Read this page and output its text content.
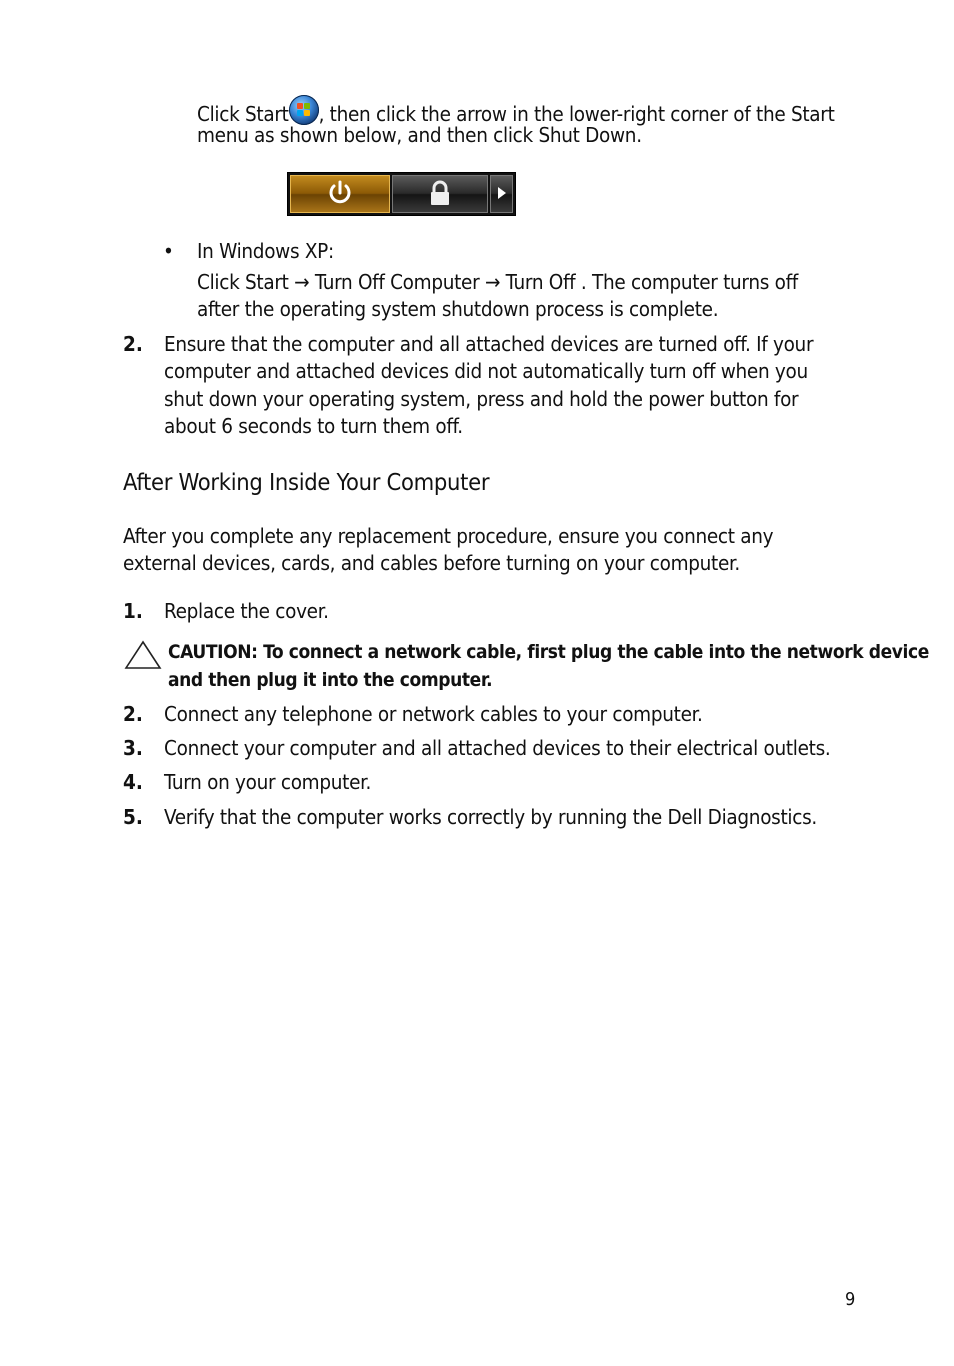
Click Start , then click the arrow in the lower-right corner of the Start
menu as shown below, and then click Shut Down.
• In Windows XP:
Click Start → Turn Off Computer → Turn Off . The computer turns off
after the operating system shutdown process is complete.
2. Ensure that the computer and all attached devices are turned off. If your
computer and attached devices did not automatically turn off when you
shut down your operating system, press and hold the power button for
about 6 seconds to turn them off.
After Working Inside Your Computer
After you complete any replacement procedure, ensure you connect any
external devices, cards, and cables before turning on your computer.
1. Replace the cover.
CAUTION: To connect a network cable, first plug the cable into the network device
and then plug it into the computer.
2. Connect any telephone or network cables to your computer.
3. Connect your computer and all attached devices to their electrical outlets.
4. Turn on your computer.
5. Verify that the computer works correctly by running the Dell Diagnostics.
9
